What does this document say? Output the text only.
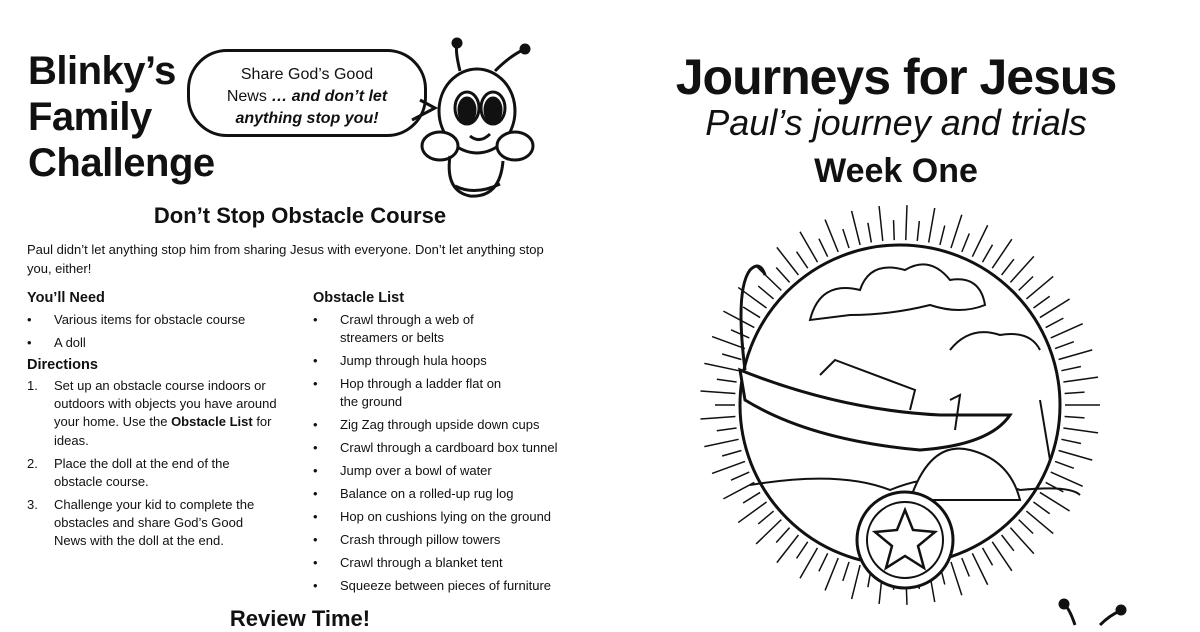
Blinky’s
Family
Challenge
Share God’s Good
News … and don’t let
anything stop you!
Don’t Stop Obstacle Course
Paul didn’t let anything stop him from sharing Jesus with everyone. Don’t let anything stop you, either!
You’ll Need
• Various items for obstacle course
• A doll
Directions
1. Set up an obstacle course indoors or outdoors with objects you have around your home. Use the Obstacle List for ideas.
2. Place the doll at the end of the obstacle course.
3. Challenge your kid to complete the obstacles and share God’s Good News with the doll at the end.
Obstacle List
• Crawl through a web of streamers or belts
• Jump through hula hoops
• Hop through a ladder flat on the ground
• Zig Zag through upside down cups
• Crawl through a cardboard box tunnel
• Jump over a bowl of water
• Balance on a rolled-up rug log
• Hop on cushions lying on the ground
• Crash through pillow towers
• Crawl through a blanket tent
• Squeeze between pieces of furniture
Review Time!
Journeys for Jesus
Paul’s journey and trials
Week One
